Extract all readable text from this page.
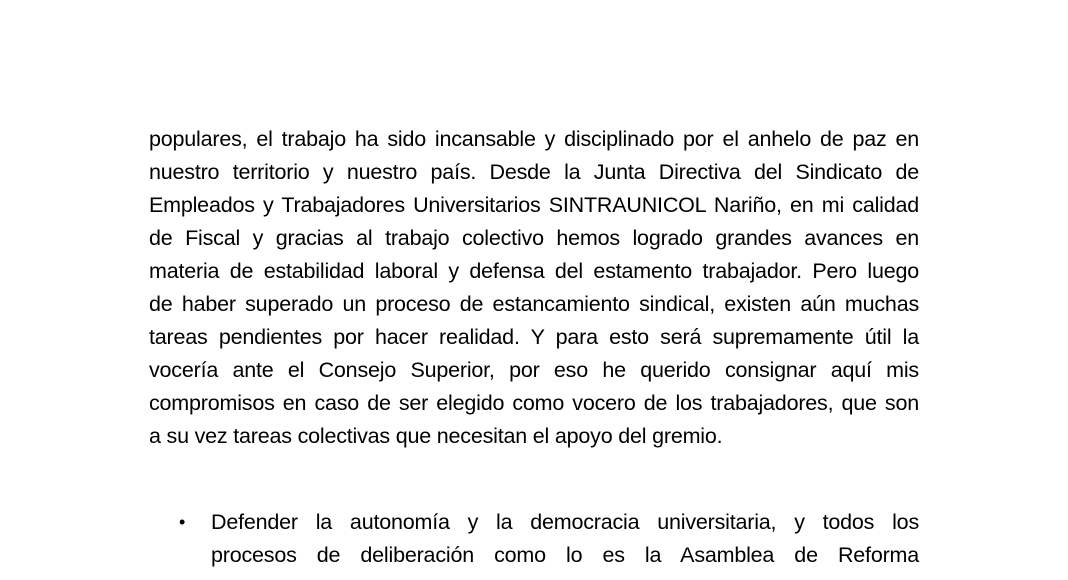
populares, el trabajo ha sido incansable y disciplinado por el anhelo de paz en
nuestro territorio y nuestro país. Desde la Junta Directiva del Sindicato de
Empleados y Trabajadores Universitarios SINTRAUNICOL Nariño, en mi calidad
de Fiscal y gracias al trabajo colectivo hemos logrado grandes avances en
materia de estabilidad laboral y defensa del estamento trabajador. Pero luego
de haber superado un proceso de estancamiento sindical, existen aún muchas
tareas pendientes por hacer realidad. Y para esto será supremamente útil la
vocería ante el Consejo Superior, por eso he querido consignar aquí mis
compromisos en caso de ser elegido como vocero de los trabajadores, que son
a su vez tareas colectivas que necesitan el apoyo del gremio.
• Defender la autonomía y la democracia universitaria, y todos los
procesos de deliberación como lo es la Asamblea de Reforma
